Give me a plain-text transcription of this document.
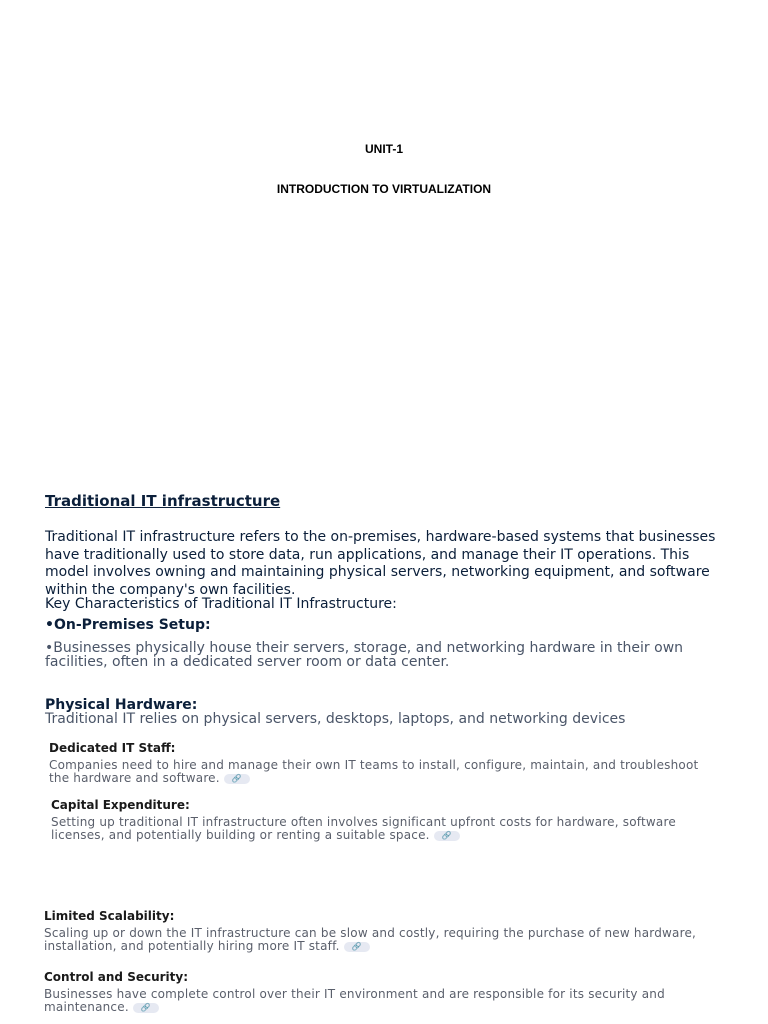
UNIT-1
INTRODUCTION TO VIRTUALIZATION
Traditional IT infrastructure
Traditional IT infrastructure refers to the on-premises, hardware-based systems that businesses have traditionally used to store data, run applications, and manage their IT operations. This model involves owning and maintaining physical servers, networking equipment, and software within the company's own facilities.
Key Characteristics of Traditional IT Infrastructure:
•On-Premises Setup:
•Businesses physically house their servers, storage, and networking hardware in their own facilities, often in a dedicated server room or data center.
Physical Hardware:
Traditional IT relies on physical servers, desktops, laptops, and networking devices
Dedicated IT Staff:
Companies need to hire and manage their own IT teams to install, configure, maintain, and troubleshoot the hardware and software.🔗
Capital Expenditure:
Setting up traditional IT infrastructure often involves significant upfront costs for hardware, software licenses, and potentially building or renting a suitable space.🔗
Limited Scalability:
Scaling up or down the IT infrastructure can be slow and costly, requiring the purchase of new hardware, installation, and potentially hiring more IT staff.🔗
Control and Security:
Businesses have complete control over their IT environment and are responsible for its security and maintenance.🔗
